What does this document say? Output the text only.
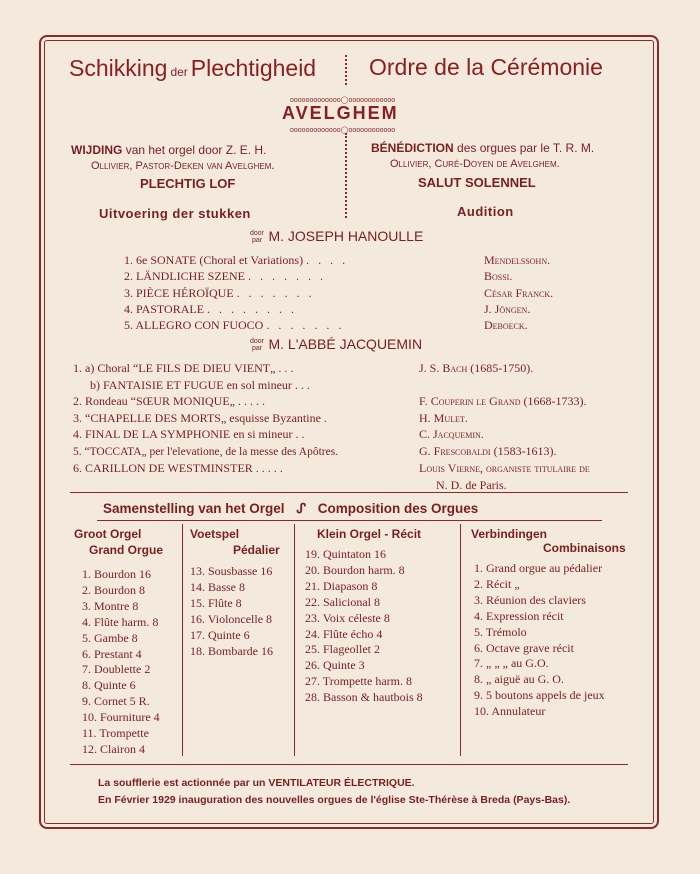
Schikking der Plechtigheid Ordre de la Cérémonie
ooooooooooooo◯oooooooooooo
AVELGHEM
ooooooooooooo◯oooooooooooo
WIJDING van het orgel door Z. E. H.
Ollivier, Pastor-Deken van Avelghem.
PLECHTIG LOF
Uitvoering der stukken
BÉNÉDICTION des orgues par le T. R. M.
Ollivier, Curé-Doyen de Avelghem.
SALUT SOLENNEL
Audition
door
par M. JOSEPH HANOULLE
1. 6e SONATE (Choral et Variations) . . . .	Mendelssohn.
2. LÄNDLICHE SZENE . . . . . . .	Bossi.
3. PIÈCE HÉROÏQUE . . . . . . .	César Franck.
4. PASTORALE . . . . . . . .	J. Jöngen.
5. ALLEGRO CON FUOCO . . . . . . .	Deboeck.
door
par M. L'ABBÉ JACQUEMIN
1. a) Choral “LE FILS DE DIEU VIENT„ . . .	J. S. Bach (1685-1750).
b) FANTAISIE ET FUGUE en sol mineur . . .
2. Rondeau “SŒUR MONIQUE„ . . . . .	F. Couperin le Grand (1668-1733).
3. “CHAPELLE DES MORTS„ esquisse Byzantine .	H. Mulet.
4. FINAL DE LA SYMPHONIE en si mineur . .	C. Jacquemin.
5. “TOCCATA„ per l'elevatione, de la messe des Apôtres.	G. Frescobaldi (1583-1613).
6. CARILLON DE WESTMINSTER . . . . .	Louis Vierne, organiste titulaire de
N. D. de Paris.
Samenstelling van het Orgel ᔑ Composition des Orgues
Groot Orgel
Grand Orgue
1. Bourdon 16
2. Bourdon 8
3. Montre 8
4. Flûte harm. 8
5. Gambe 8
6. Prestant 4
7. Doublette 2
8. Quinte 6
9. Cornet 5 R.
10. Fourniture 4
11. Trompette
12. Clairon 4
Voetspel
Pédalier
13. Sousbasse 16
14. Basse 8
15. Flûte 8
16. Violoncelle 8
17. Quinte 6
18. Bombarde 16
Klein Orgel - Récit
19. Quintaton 16
20. Bourdon harm. 8
21. Diapason 8
22. Salicional 8
23. Voix céleste 8
24. Flûte écho 4
25. Flageollet 2
26. Quinte 3
27. Trompette harm. 8
28. Basson & hautbois 8
Verbindingen
Combinaisons
1. Grand orgue au pédalier
2. Récit „
3. Réunion des claviers
4. Expression récit
5. Trémolo
6. Octave grave récit
7. „ „ „ au G.O.
8. „ aiguë au G. O.
9. 5 boutons appels de jeux
10. Annulateur
La soufflerie est actionnée par un VENTILATEUR ÉLECTRIQUE.
En Février 1929 inauguration des nouvelles orgues de l'église Ste-Thérèse à Breda (Pays-Bas).
